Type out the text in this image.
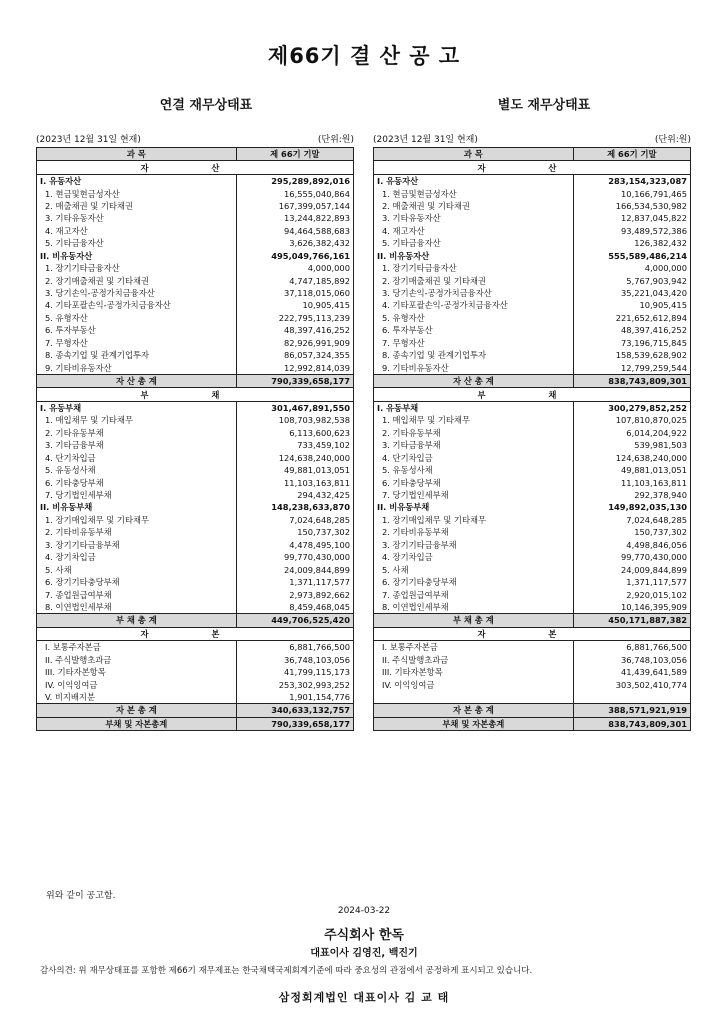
제66기 결 산 공 고
연결 재무상태표	별도 재무상태표
(2023년 12월 31일 현재)	(단위:원)
과 목	제 66기 기말
자 산	
I. 유동자산	295,289,892,016
1. 현금및현금성자산	16,555,040,864
2. 매출채권 및 기타채권	167,399,057,144
3. 기타유동자산	13,244,822,893
4. 재고자산	94,464,588,683
5. 기타금융자산	3,626,382,432
II. 비유동자산	495,049,766,161
1. 장기기타금융자산	4,000,000
2. 장기매출채권 및 기타채권	4,747,185,892
3. 당기손익-공정가치금융자산	37,118,015,060
4. 기타포괄손익-공정가치금융자산	10,905,415
5. 유형자산	222,795,113,239
6. 투자부동산	48,397,416,252
7. 무형자산	82,926,991,909
8. 종속기업 및 관계기업투자	86,057,324,355
9. 기타비유동자산	12,992,814,039
자 산 총 계	790,339,658,177
부 채	
I. 유동부채	301,467,891,550
1. 매입채무 및 기타채무	108,703,982,538
2. 기타유동부채	6,113,600,623
3. 기타금융부채	733,459,102
4. 단기차입금	124,638,240,000
5. 유동성사채	49,881,013,051
6. 기타충당부채	11,103,163,811
7. 당기법인세부채	294,432,425
II. 비유동부채	148,238,633,870
1. 장기매입채무 및 기타채무	7,024,648,285
2. 기타비유동부채	150,737,302
3. 장기기타금융부채	4,478,495,100
4. 장기차입금	99,770,430,000
5. 사채	24,009,844,899
6. 장기기타충당부채	1,371,117,577
7. 종업원급여부채	2,973,892,662
8. 이연법인세부채	8,459,468,045
부 채 총 계	449,706,525,420
자 본	
I. 보통주자본금	6,881,766,500
II. 주식발행초과금	36,748,103,056
III. 기타자본항목	41,799,115,173
IV. 이익잉여금	253,302,993,252
V. 비지배지분	1,901,154,776
자 본 총 계	340,633,132,757
부채 및 자본총계	790,339,658,177
(2023년 12월 31일 현재)	(단위:원)
과 목	제 66기 기말
자 산	
I. 유동자산	283,154,323,087
1. 현금및현금성자산	10,166,791,465
2. 매출채권 및 기타채권	166,534,530,982
3. 기타유동자산	12,837,045,822
4. 재고자산	93,489,572,386
5. 기타금융자산	126,382,432
II. 비유동자산	555,589,486,214
1. 장기기타금융자산	4,000,000
2. 장기매출채권 및 기타채권	5,767,903,942
3. 당기손익-공정가치금융자산	35,221,043,420
4. 기타포괄손익-공정가치금융자산	10,905,415
5. 유형자산	221,652,612,894
6. 투자부동산	48,397,416,252
7. 무형자산	73,196,715,845
8. 종속기업 및 관계기업투자	158,539,628,902
9. 기타비유동자산	12,799,259,544
자 산 총 계	838,743,809,301
부 채	
I. 유동부채	300,279,852,252
1. 매입채무 및 기타채무	107,810,870,025
2. 기타유동부채	6,014,204,922
3. 기타금융부채	539,981,503
4. 단기차입금	124,638,240,000
5. 유동성사채	49,881,013,051
6. 기타충당부채	11,103,163,811
7. 당기법인세부채	292,378,940
II. 비유동부채	149,892,035,130
1. 장기매입채무 및 기타채무	7,024,648,285
2. 기타비유동부채	150,737,302
3. 장기기타금융부채	4,498,846,056
4. 장기차입금	99,770,430,000
5. 사채	24,009,844,899
6. 장기기타충당부채	1,371,117,577
7. 종업원급여부채	2,920,015,102
8. 이연법인세부채	10,146,395,909
부 채 총 계	450,171,887,382
자 본	
I. 보통주자본금	6,881,766,500
II. 주식발행초과금	36,748,103,056
III. 기타자본항목	41,439,641,589
IV. 이익잉여금	303,502,410,774

자 본 총 계	388,571,921,919
부채 및 자본총계	838,743,809,301
위와 같이 공고함.
2024-03-22
주식회사 한독
대표이사 김영진, 백진기
감사의견: 위 재무상태표를 포함한 제66기 재무제표는 한국채택국제회계기준에 따라 중요성의 관점에서 공정하게 표시되고 있습니다.
삼정회계법인 대표이사 김 교 태
